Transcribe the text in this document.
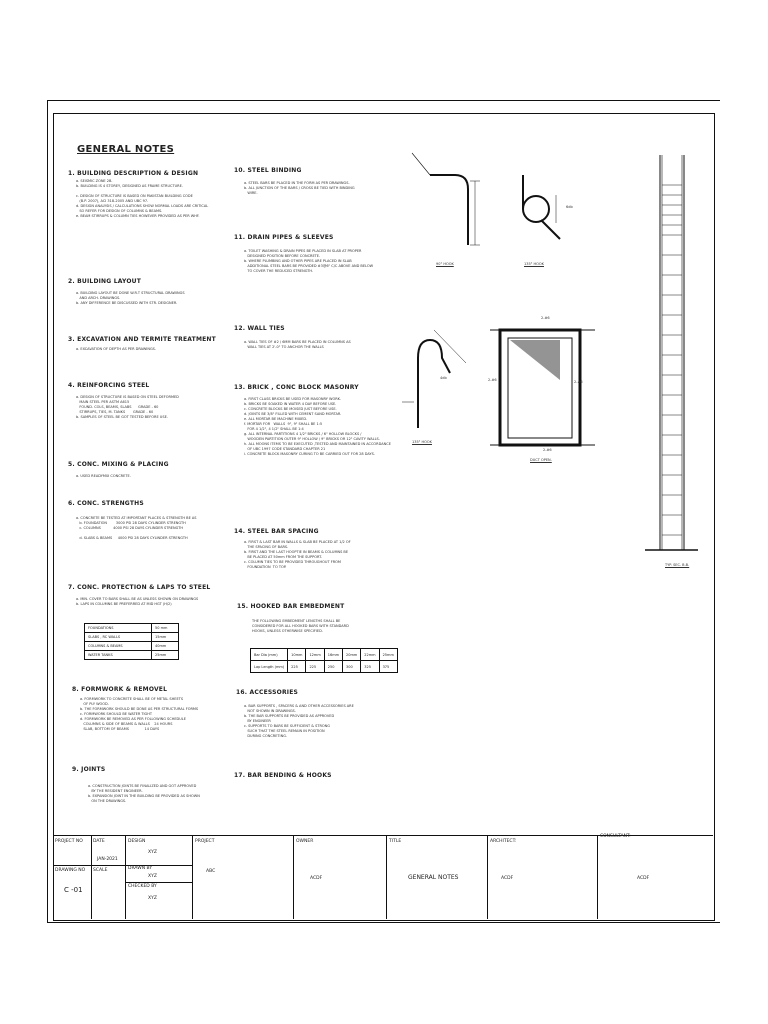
GENERAL NOTES
1. BUILDING DESCRIPTION & DESIGN
a. SEISMIC ZONE 2B.
b. BUILDING IS 4 STOREY, DESIGNED AS FRAME STRUCTURE.

c. DESIGN OF STRUCTURE IS BASED ON PAKISTAN BUILDING CODE
(B.P. 2007), ACI 318-2005 AND UBC 97.
d. DESIGN ANALYSIS / CALCULATIONS SHOW NORMAL LOADS ARE CRITICAL
SO REFER FOR DESIGN OF COLUMNS & BEAMS.
e. BEAM STIRRUPS & COLUMN TIES HOWEVER PROVIDED AS PER WHF.
2. BUILDING LAYOUT
a. BUILDING LAYOUT BE DONE W.R.T STRUCTURAL DRAWINGS
AND ARCH. DRAWINGS.
b. ANY DIFFERENCE BE DISCUSSED WITH STR. DESIGNER.
3. EXCAVATION AND TERMITE TREATMENT
a. EXCAVATION OF DEPTH AS PER DRAWINGS.
4. REINFORCING STEEL
a. DESIGN OF STRUCTURE IS BASED ON STEEL DEFORMED
MAIN STEEL PER ASTM A615
FOUND. COLS, BEAMS, SLABS      GRADE - 60
STIRRUPS, TIES, M. TANKS       GRADE - 60
b. SAMPLES OF STEEL BE GOT TESTED BEFORE USE.
5. CONC. MIXING & PLACING
a. USED READYMIX CONCRETE.
6. CONC. STRENGTHS
a. CONCRETE BE TESTED AT IMPORTANT PLACES & STRENGTH BE AS
b. FOUNDATION        3000 PSI 28 DAYS CYLINDER STRENGTH
c. COLUMNS           4000 PSI 28 DAYS CYLINDER STRENGTH

d. SLABS & BEAMS     4000 PSI 28 DAYS CYLINDER STRENGTH
7. CONC. PROTECTION & LAPS TO STEEL
a. MIN. COVER TO BARS SHALL BE AS UNLESS SHOWN ON DRAWINGS
b. LAPS IN COLUMNS BE PREFERRED AT MID HGT (H/2)
FOUNDATIONS	50 mm
SLABS , RC WALLS	15mm
COLUMNS & BEAMS	40mm
WATER TANKS	25mm
8. FORMWORK & REMOVEL
a. FORMWORK TO CONCRETE SHALL BE OF METAL SHEETS
OF PLY WOOD.
b. THE FORMWORK SHOULD BE DONE AS PER STRUCTURAL FORMS
c. FORMWORK SHOULD BE WATER TIGHT
d. FORMWORK BE REMOVED AS PER FOLLOWING SCHEDULE
COLUMNS & SIDE OF BEAMS & WALLS    24 HOURS
SLAB, BOTTOM OF BEAMS              14 DAYS
9. JOINTS
a. CONSTRUCTION JOINTS BE FINALIZED AND GOT APPROVED
BY THE RESIDENT ENGINEER.
b. EXPANSION JOINT IN THE BUILDING BE PROVIDED AS SHOWN
ON THE DRAWINGS.
10. STEEL BINDING
a. STEEL BARS BE PLACED IN THE FORM AS PER DRAWINGS.
b. ALL JUNCTION OF THE BARS / CROSS BE TIED WITH BINDING
WIRE.
11. DRAIN PIPES & SLEEVES
a. TOILET WASHING & DRAIN PIPES BE PLACED IN SLAB AT PROPER
DESIGNED POSITION BEFORE CONCRETE.
b. WHERE PLUMBING AND OTHER PIPES ARE PLACED IN SLAB
ADDITIONAL STEEL BARS BE PROVIDED #3@6" C/C ABOVE AND BELOW
TO COVER THE REDUCED STRENGTH.
12. WALL TIES
a. WALL TIES OF #2 / 6MM BARS BE PLACED IN COLUMNS AS
WALL TIES AT 2'-0" TO ANCHOR THE WALLS
13. BRICK , CONC BLOCK MASONRY
a. FIRST CLASS BRICKS BE USED FOR MASONRY WORK.
b. BRICKS BE SOAKED IN WATER 4 DAY BEFORE USE.
c. CONCRETE BLOCKS BE MOISED JUST BEFORE USE.
d. JOINTS BE 3/8" FILLED WITH CEMENT SAND MORTAR.
e. ALL MORTAR BE MACHINE MIXED.
f. MORTAR FOR   WALLS  9", 9" SHALL BE 1:5
FOR 4 1/2", 4 1/2" SHALL BE 1:4
g. ALL INTERNAL PARTITIONS 4 1/2" BRICKS / 6" HOLLOW BLOCKS /
WOODEN PARTITION OUTER 9" HOLLOW / 9" BRICKS OR 12" CAVITY WALLS.
h. ALL MOONS ITEMS TO BE EXECUTED ,TESTED AND MAINTAINED IN ACCORDANCE
OF UBC 1997 CODE STANDARD CHAPTER 21
i. CONCRETE BLOCK MASONRY CURING TO BE CARRIED OUT FOR 28 DAYS.
14. STEEL BAR SPACING
a. FIRST & LAST BAR IN WALLS & SLAB BE PLACED AT 1/2 OF
THE SPACING OF BARS.
b. FIRST AND THE LAST HOOPTIE IN BEAMS & COLUMNS BE
BE PLACED AT 50mm FROM THE SUPPORT.
c. COLUMN TIES TO BE PROVIDED THROUGHOUT FROM
FOUNDATION  TO TOP.
15. HOOKED BAR EMBEDMENT
THE FOLLOWING EMBEDMENT LENGTHS SHALL BE
CONSIDERED FOR ALL HOOKED BARS WITH STANDARD
HOOKS, UNLESS OTHERWISE SPECIFIED.
Bar Dia (mm)	10mm	12mm	16mm	20mm	22mm	25mm
Lap Length (mm)	225	225	250	300	325	375
16. ACCESSORIES
a. BAR SUPPORTS , SPACERS & AND OTHER ACCESSORIES ARE
NOT SHOWN IN DRAWINGS.
b. THE BAR SUPPORTS BE PROVIDED AS APPROVED
BY ENGINEER
c. SUPPORTS TO BARS BE SUFFICIENT & STRONG
SUCH THAT THE STEEL REMAIN IN POSITION
DURING CONCRETING.
17. BAR BENDING & HOOKS
6db
90° HOOK	135° HOOK
4db
135° HOOK
2-#6
2-#6	2-#6
2-#6
DUCT OPEN.
TYP. SEC. B.B.
PROJECT NO DATE
JAN-2021
DESIGN
XYZ
DRAWN BY
XYZ
CHECKED BY
XYZ
DRAWING NO
C -01
SCALE
PROJECT
ABC
OWNER
ACDF
TITLE
GENERAL NOTES
ARCHITECT:
ACDF
CONSULTANT:
ACDF
